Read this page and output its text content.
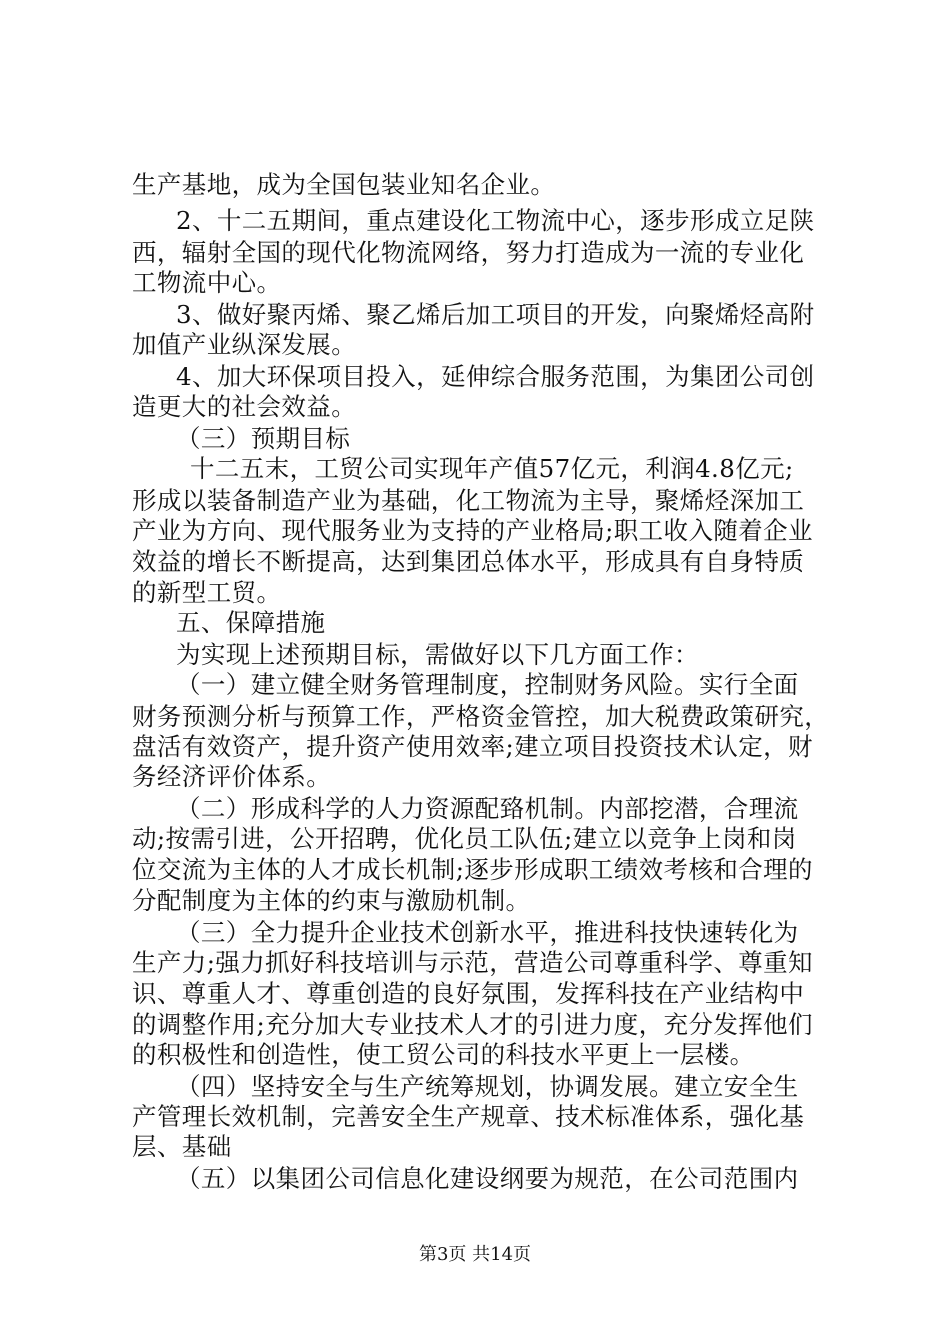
生产基地，成为全国包装业知名企业。
2、十二五期间，重点建设化工物流中心，逐步形成立足陕
西，辐射全国的现代化物流网络，努力打造成为一流的专业化
工物流中心。
3、做好聚丙烯、聚乙烯后加工项目的开发，向聚烯烃高附
加值产业纵深发展。
4、加大环保项目投入，延伸综合服务范围，为集团公司创
造更大的社会效益。
（三）预期目标
十二五末，工贸公司实现年产值57亿元，利润4.8亿元;
形成以装备制造产业为基础，化工物流为主导，聚烯烃深加工
产业为方向、现代服务业为支持的产业格局;职工收入随着企业
效益的增长不断提高，达到集团总体水平，形成具有自身特质
的新型工贸。
五、保障措施
为实现上述预期目标，需做好以下几方面工作：
（一）建立健全财务管理制度，控制财务风险。实行全面
财务预测分析与预算工作，严格资金管控，加大税费政策研究，
盘活有效资产，提升资产使用效率;建立项目投资技术认定，财
务经济评价体系。
（二）形成科学的人力资源配臵机制。内部挖潜，合理流
动;按需引进，公开招聘，优化员工队伍;建立以竞争上岗和岗
位交流为主体的人才成长机制;逐步形成职工绩效考核和合理的
分配制度为主体的约束与激励机制。
（三）全力提升企业技术创新水平，推进科技快速转化为
生产力;强力抓好科技培训与示范，营造公司尊重科学、尊重知
识、尊重人才、尊重创造的良好氛围，发挥科技在产业结构中
的调整作用;充分加大专业技术人才的引进力度，充分发挥他们
的积极性和创造性，使工贸公司的科技水平更上一层楼。
（四）坚持安全与生产统筹规划，协调发展。建立安全生
产管理长效机制，完善安全生产规章、技术标准体系，强化基
层、基础
（五）以集团公司信息化建设纲要为规范，在公司范围内
第3页 共14页
